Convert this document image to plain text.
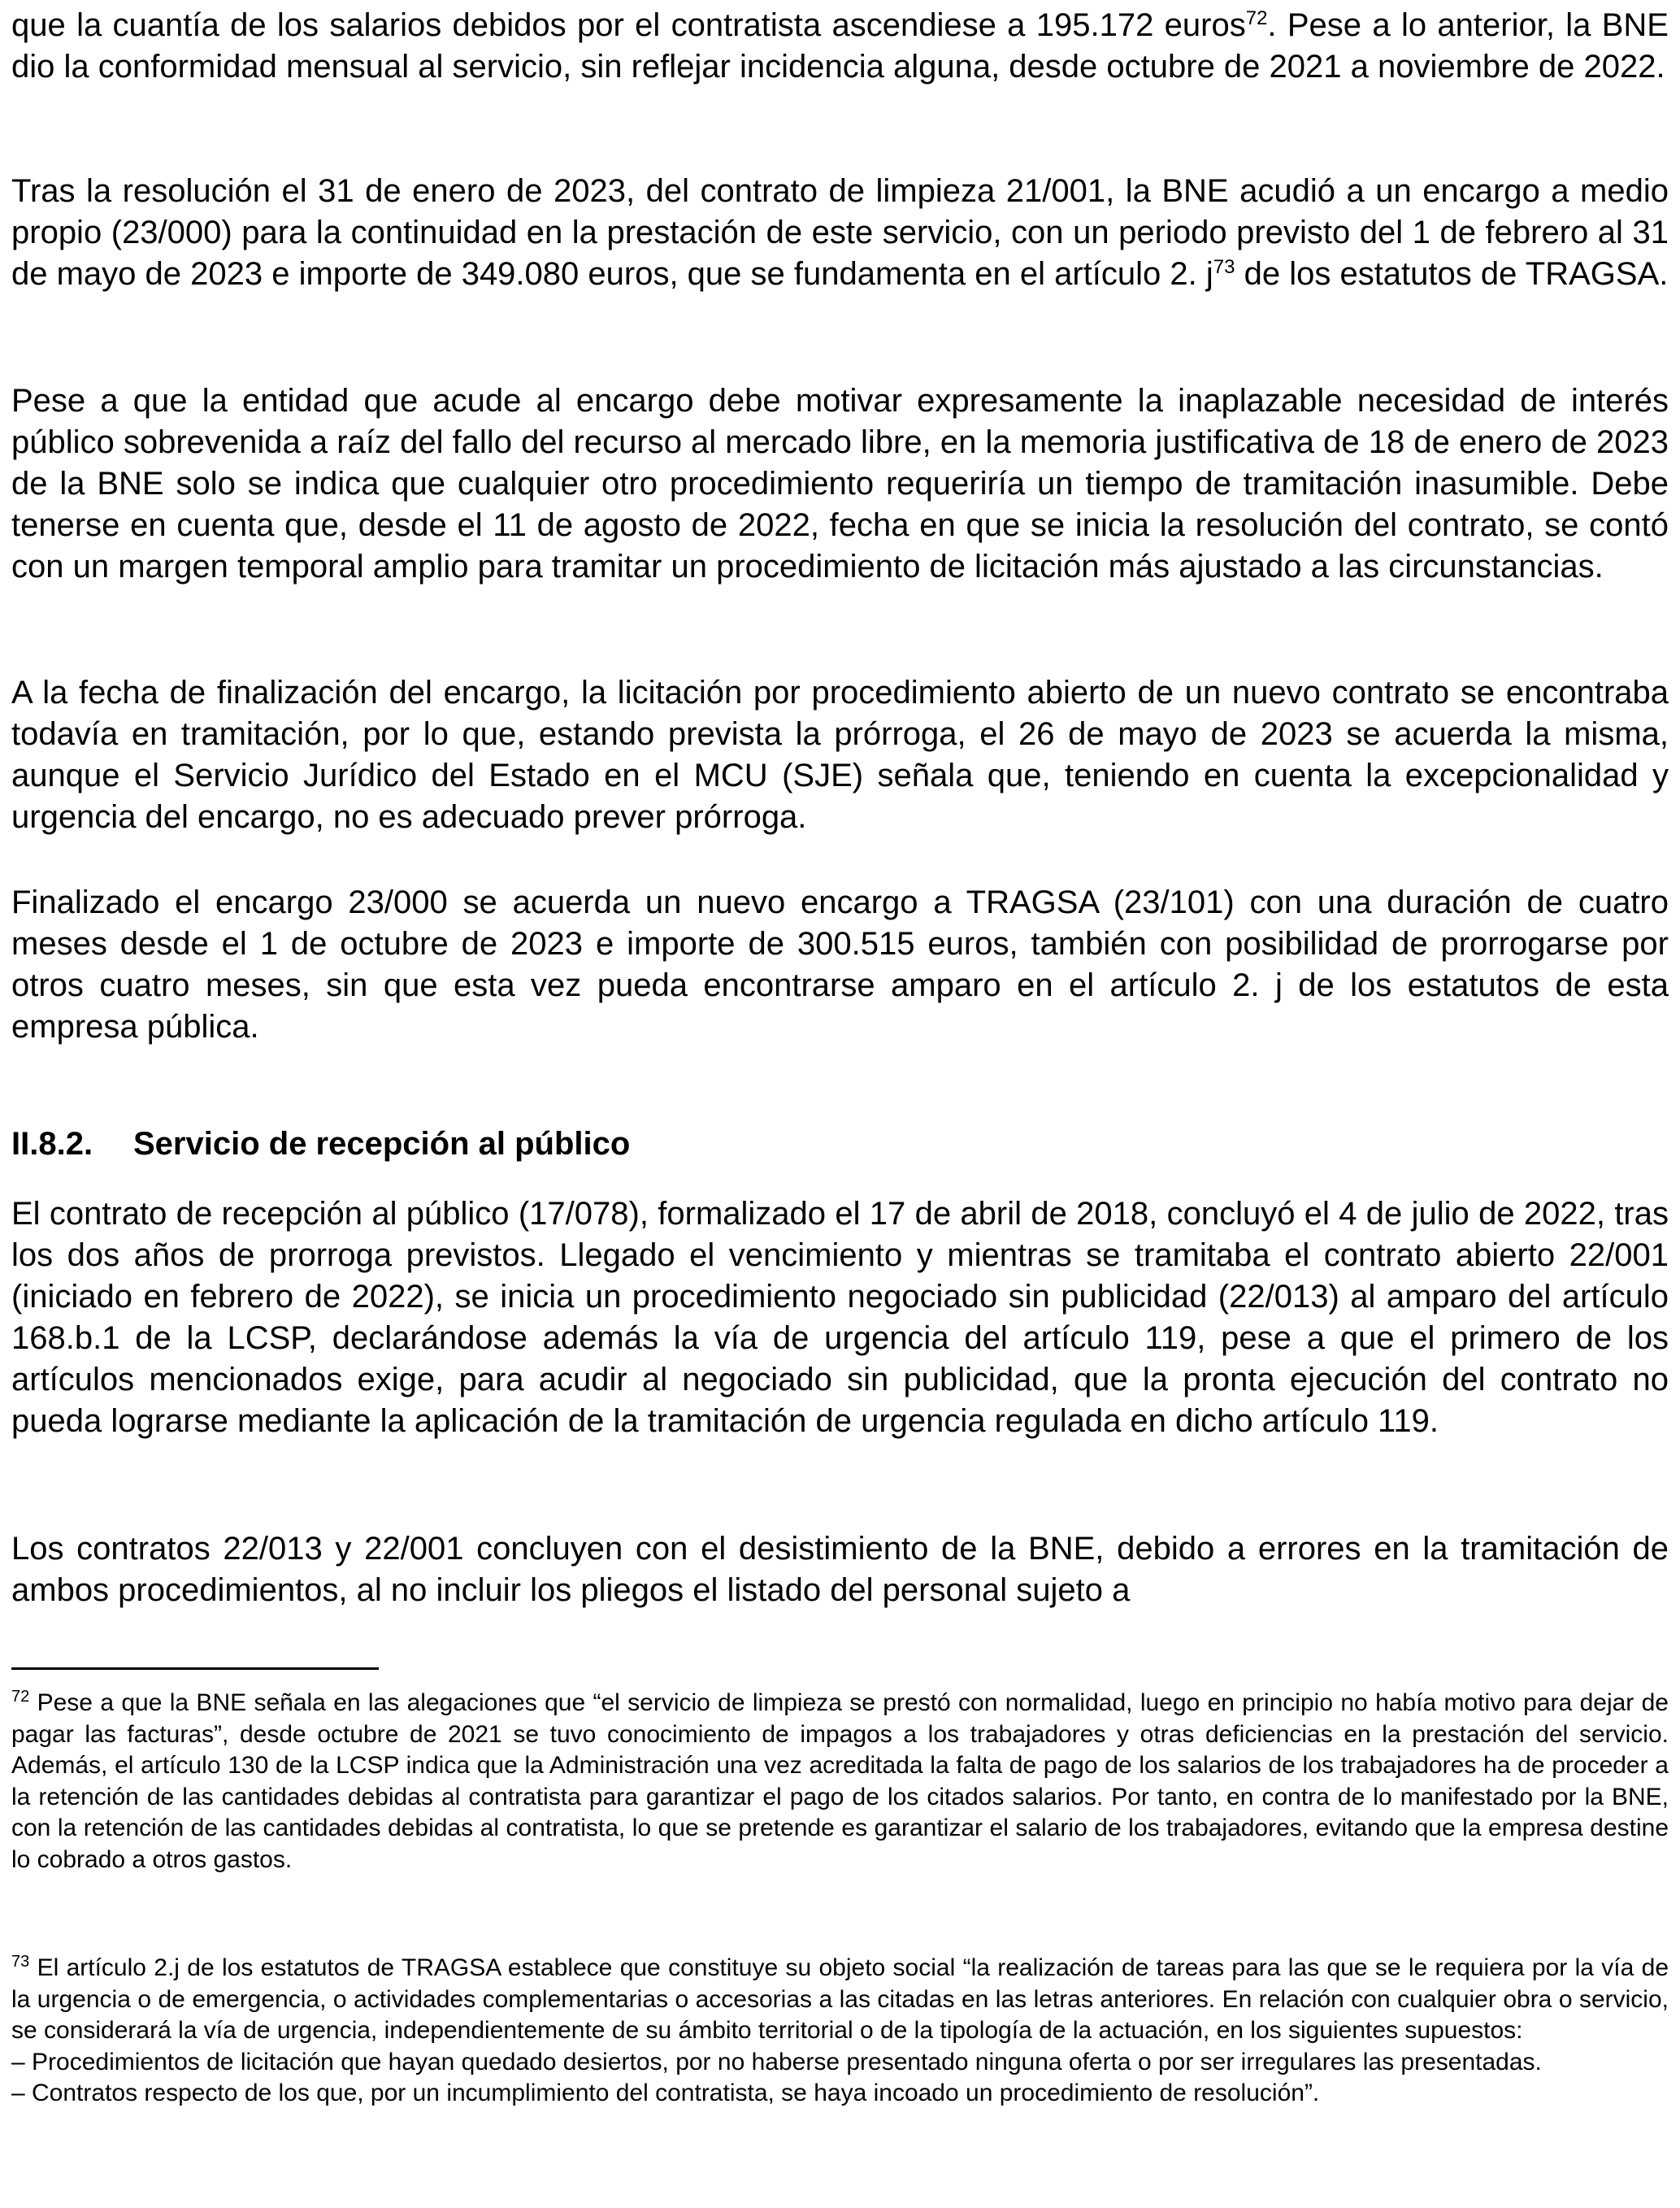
que la cuantía de los salarios debidos por el contratista ascendiese a 195.172 euros$^{72}$. Pese a lo anterior, la BNE dio la conformidad mensual al servicio, sin reflejar incidencia alguna, desde octubre de 2021 a noviembre de 2022.

Tras la resolución el 31 de enero de 2023, del contrato de limpieza 21/001, la BNE acudió a un encargo a medio propio (23/000) para la continuidad en la prestación de este servicio, con un periodo previsto del 1 de febrero al 31 de mayo de 2023 e importe de 349.080 euros, que se fundamenta en el artículo 2. $j^{73}$ de los estatutos de TRAGSA.

Pese a que la entidad que acude al encargo debe motivar expresamente la inaplazable necesidad de interés público sobrevenida a raíz del fallo del recurso al mercado libre, en la memoria justificativa de 18 de enero de 2023 de la BNE solo se indica que cualquier otro procedimiento requeriría un tiempo de tramitación inasumible. Debe tenerse en cuenta que, desde el 11 de agosto de 2022, fecha en que se inicia la resolución del contrato, se contó con un margen temporal amplio para tramitar un procedimiento de licitación más ajustado a las circunstancias.

A la fecha de finalización del encargo, la licitación por procedimiento abierto de un nuevo contrato se encontraba todavía en tramitación, por lo que, estando prevista la prórroga, el 26 de mayo de 2023 se acuerda la misma, aunque el Servicio Jurídico del Estado en el MCU (SJE) señala que, teniendo en cuenta la excepcionalidad y urgencia del encargo, no es adecuado prever prórroga.

Finalizado el encargo 23/000 se acuerda un nuevo encargo a TRAGSA (23/101) con una duración de cuatro meses desde el 1 de octubre de 2023 e importe de 300.515 euros, también con posibilidad de prorrogarse por otros cuatro meses, sin que esta vez pueda encontrarse amparo en el artículo 2. j de los estatutos de esta empresa pública.

II.8.2. Servicio de recepción al público

El contrato de recepción al público (17/078), formalizado el 17 de abril de 2018, concluyó el 4 de julio de 2022, tras los dos años de prorroga previstos. Llegado el vencimiento y mientras se tramitaba el contrato abierto 22/001 (iniciado en febrero de 2022), se inicia un procedimiento negociado sin publicidad (22/013) al amparo del artículo 168.b.1 de la LCSP, declarándose además la vía de urgencia del artículo 119, pese a que el primero de los artículos mencionados exige, para acudir al negociado sin publicidad, que la pronta ejecución del contrato no pueda lograrse mediante la aplicación de la tramitación de urgencia regulada en dicho artículo 119.

Los contratos 22/013 y 22/001 concluyen con el desistimiento de la BNE, debido a errores en la tramitación de ambos procedimientos, al no incluir los pliegos el listado del personal sujeto a

$^{72}$ Pese a que la BNE señala en las alegaciones que “el servicio de limpieza se prestó con normalidad, luego en principio no había motivo para dejar de pagar las facturas”, desde octubre de 2021 se tuvo conocimiento de impagos a los trabajadores y otras deficiencias en la prestación del servicio. Además, el artículo 130 de la LCSP indica que la Administración una vez acreditada la falta de pago de los salarios de los trabajadores ha de proceder a la retención de las cantidades debidas al contratista para garantizar el pago de los citados salarios. Por tanto, en contra de lo manifestado por la BNE, con la retención de las cantidades debidas al contratista, lo que se pretende es garantizar el salario de los trabajadores, evitando que la empresa destine lo cobrado a otros gastos.

$^{73}$ El artículo 2.j de los estatutos de TRAGSA establece que constituye su objeto social “la realización de tareas para las que se le requiera por la vía de la urgencia o de emergencia, o actividades complementarias o accesorias a las citadas en las letras anteriores. En relación con cualquier obra o servicio, se considerará la vía de urgencia, independientemente de su ámbito territorial o de la tipología de la actuación, en los siguientes supuestos:
– Procedimientos de licitación que hayan quedado desiertos, por no haberse presentado ninguna oferta o por ser irregulares las presentadas.
– Contratos respecto de los que, por un incumplimiento del contratista, se haya incoado un procedimiento de resolución”.
